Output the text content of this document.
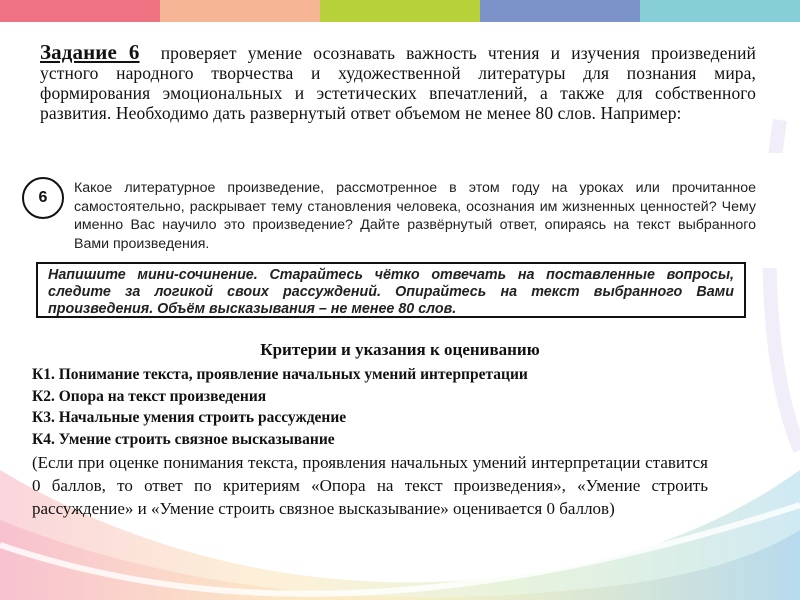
Задание 6 проверяет умение осознавать важность чтения и изучения произведений устного народного творчества и художественной литературы для познания мира, формирования эмоциональных и эстетических впечатлений, а также для собственного развития. Необходимо дать развернутый ответ объемом не менее 80 слов. Например:
6
Какое литературное произведение, рассмотренное в этом году на уроках или прочитанное самостоятельно, раскрывает тему становления человека, осознания им жизненных ценностей? Чему именно Вас научило это произведение? Дайте развёрнутый ответ, опираясь на текст выбранного Вами произведения.
Напишите мини-сочинение. Старайтесь чётко отвечать на поставленные вопросы, следите за логикой своих рассуждений. Опирайтесь на текст выбранного Вами произведения. Объём высказывания – не менее 80 слов.
Критерии и указания к оцениванию
К1. Понимание текста, проявление начальных умений интерпретации
К2. Опора на текст произведения
К3. Начальные умения строить рассуждение
К4. Умение строить связное высказывание
(Если при оценке понимания текста, проявления начальных умений интерпретации ставится 0 баллов, то ответ по критериям «Опора на текст произведения», «Умение строить рассуждение» и «Умение строить связное высказывание» оценивается 0 баллов)
